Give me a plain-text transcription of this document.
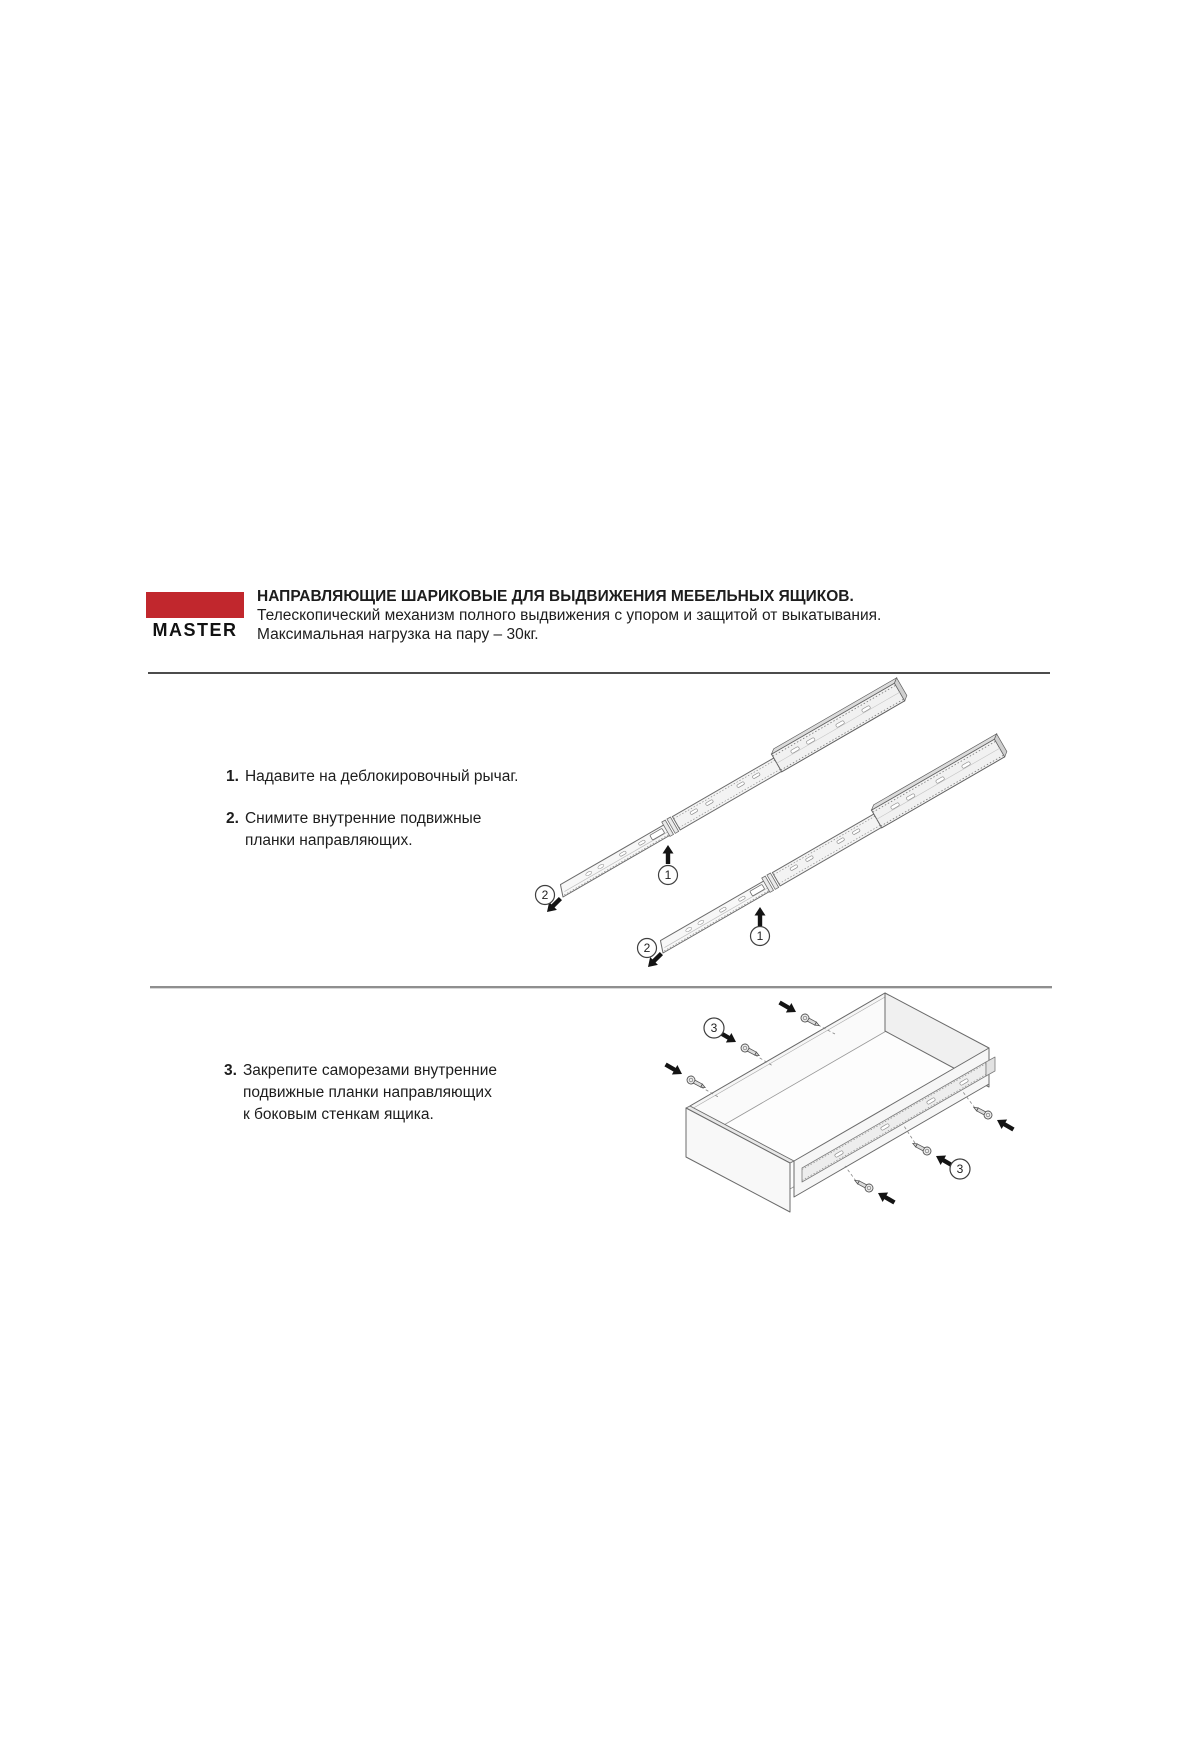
MASTER
НАПРАВЛЯЮЩИЕ ШАРИКОВЫЕ ДЛЯ ВЫДВИЖЕНИЯ МЕБЕЛЬНЫХ ЯЩИКОВ.
Телескопический механизм полного выдвижения с упором и защитой от выкатывания.
Максимальная нагрузка на пару – 30кг.
1. Надавите на деблокировочный рычаг.
2. Снимите внутренние подвижные
планки направляющих.
1
2
1
2
3. Закрепите саморезами внутренние
подвижные планки направляющих
к боковым стенкам ящика.
3
3
